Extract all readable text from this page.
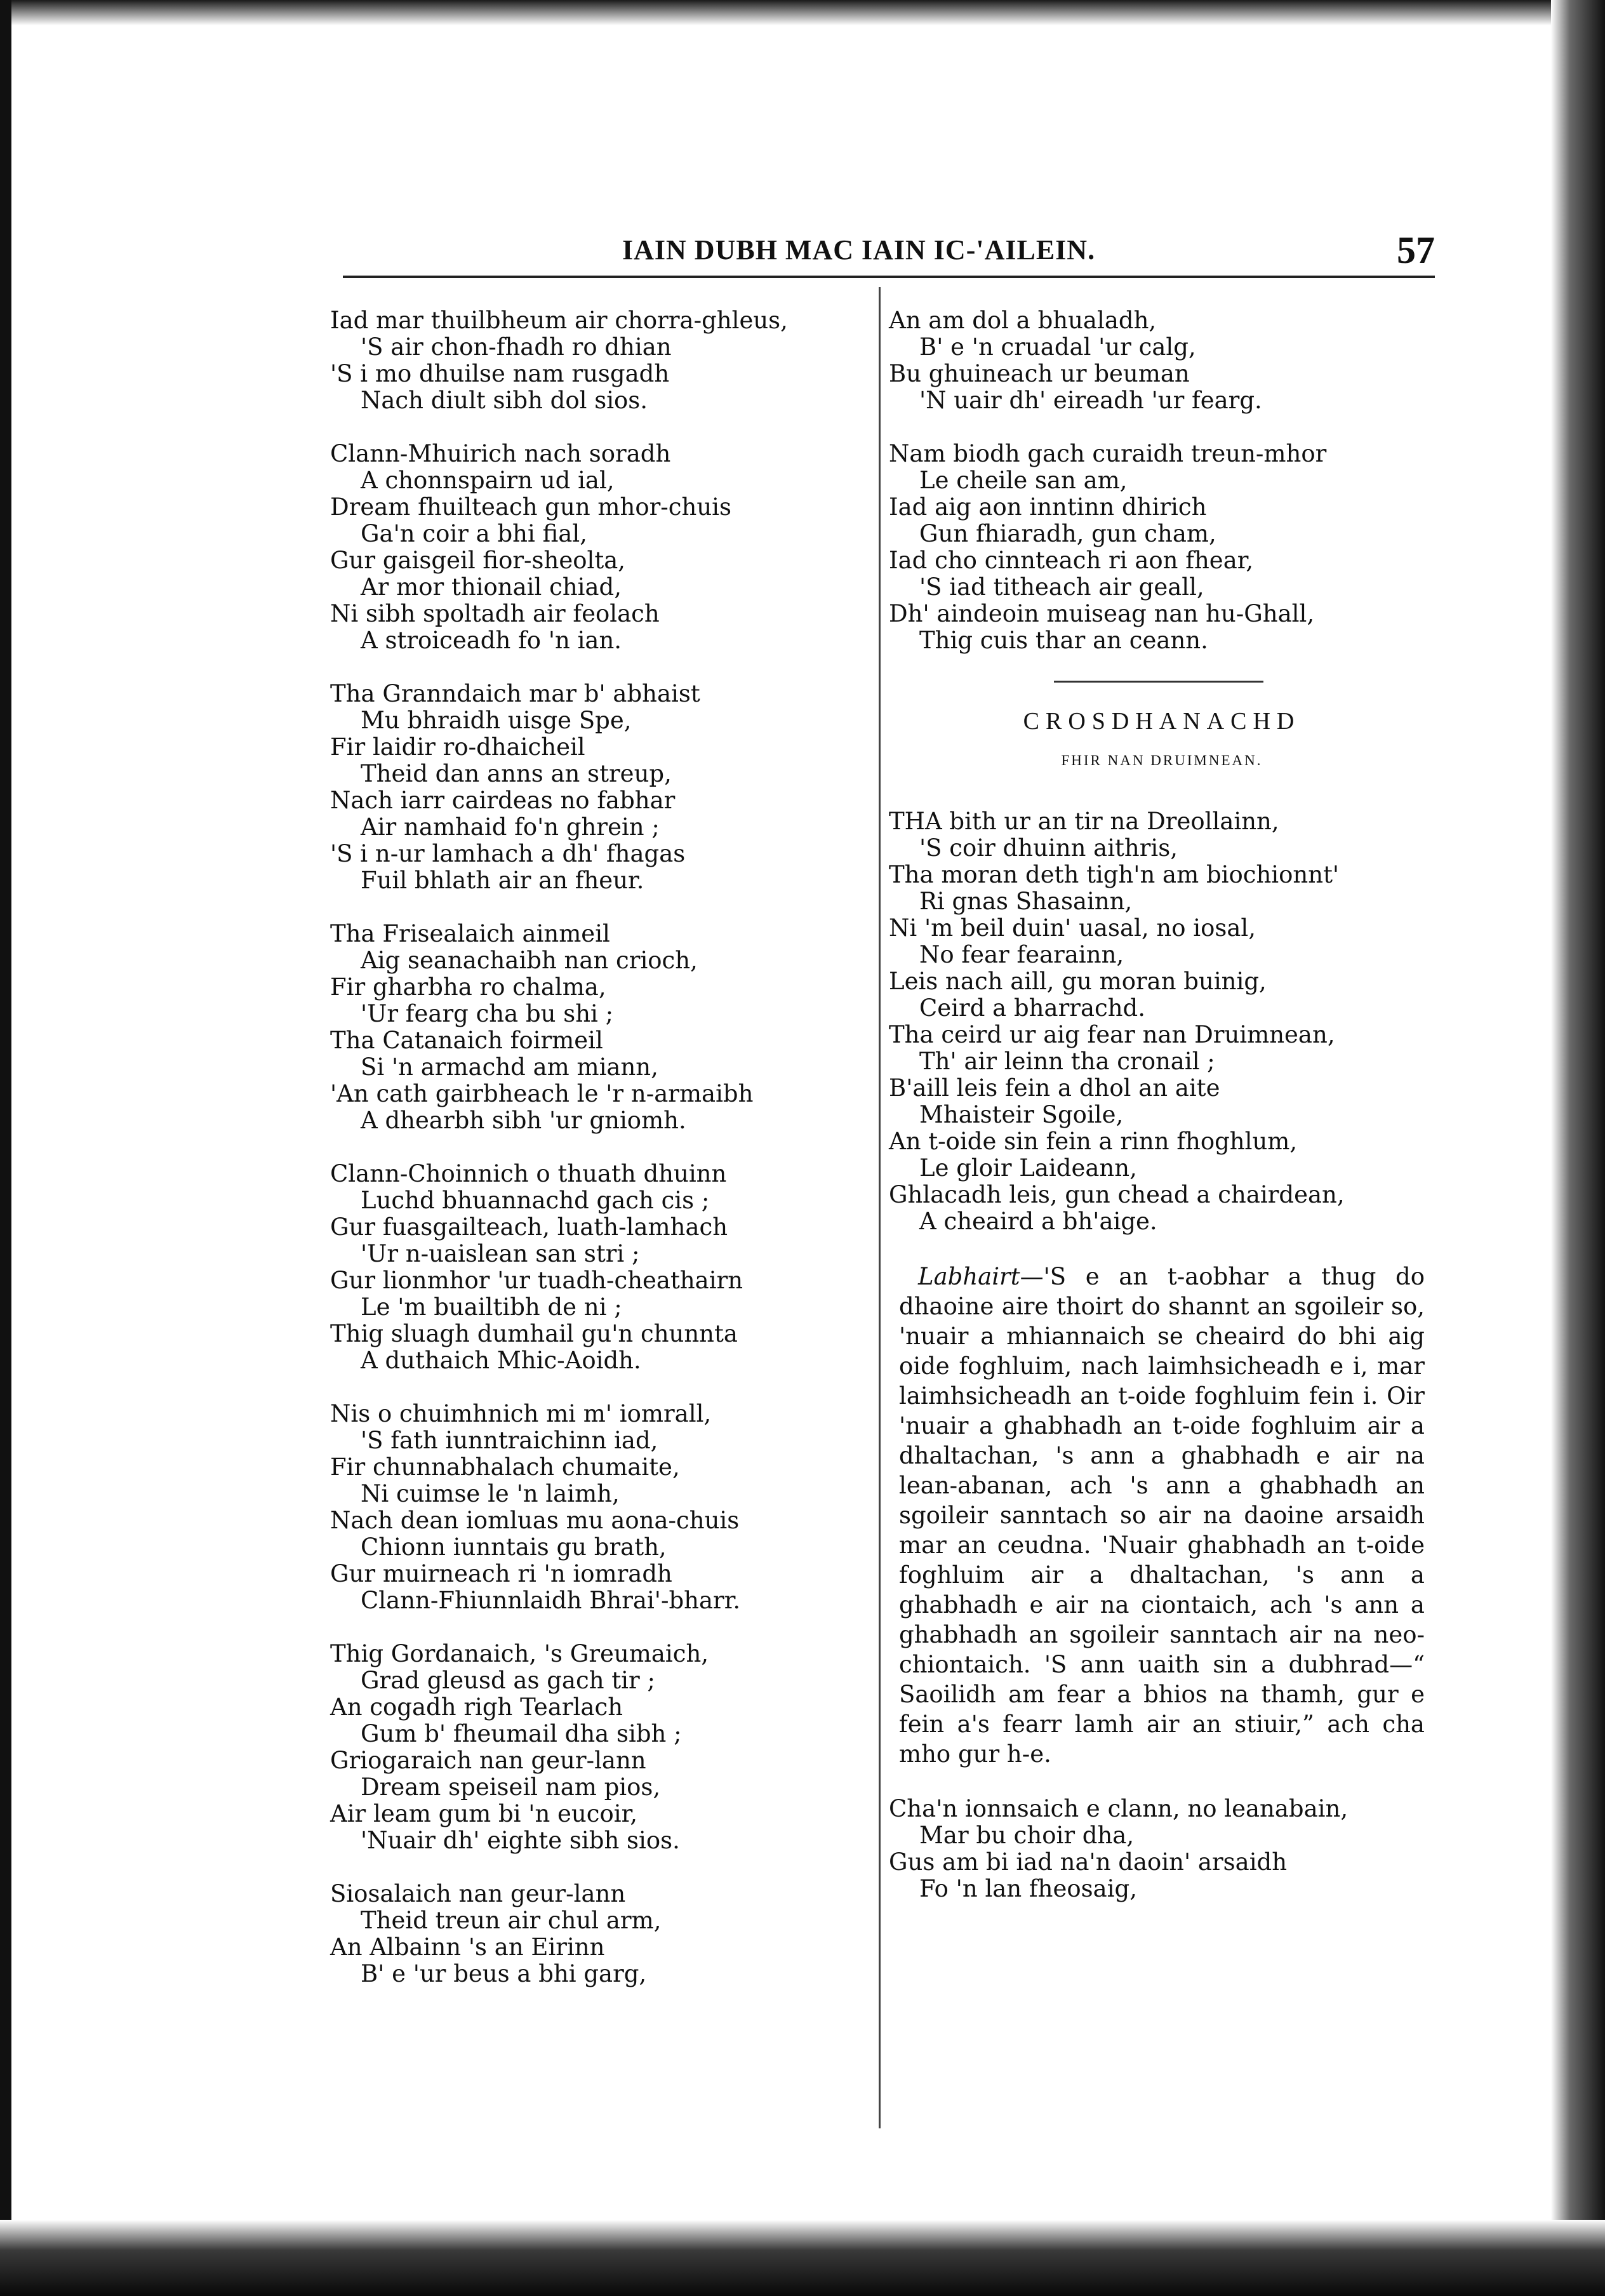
IAIN DUBH MAC IAIN IC-'AILEIN.	57
Iad mar thuilbheum air chorra-ghleus,
'S air chon-fhadh ro dhian
'S i mo dhuilse nam rusgadh
Nach diult sibh dol sios.
Clann-Mhuirich nach soradh
A chonnspairn ud ial,
Dream fhuilteach gun mhor-chuis
Ga'n coir a bhi fial,
Gur gaisgeil fior-sheolta,
Ar mor thionail chiad,
Ni sibh spoltadh air feolach
A stroiceadh fo 'n ian.
Tha Granndaich mar b' abhaist
Mu bhraidh uisge Spe,
Fir laidir ro-dhaicheil
Theid dan anns an streup,
Nach iarr cairdeas no fabhar
Air namhaid fo'n ghrein ;
'S i n-ur lamhach a dh' fhagas
Fuil bhlath air an fheur.
Tha Frisealaich ainmeil
Aig seanachaibh nan crioch,
Fir gharbha ro chalma,
'Ur fearg cha bu shi ;
Tha Catanaich foirmeil
Si 'n armachd am miann,
'An cath gairbheach le 'r n-armaibh
A dhearbh sibh 'ur gniomh.
Clann-Choinnich o thuath dhuinn
Luchd bhuannachd gach cis ;
Gur fuasgailteach, luath-lamhach
'Ur n-uaislean san stri ;
Gur lionmhor 'ur tuadh-cheathairn
Le 'm buailtibh de ni ;
Thig sluagh dumhail gu'n chunnta
A duthaich Mhic-Aoidh.
Nis o chuimhnich mi m' iomrall,
'S fath iunntraichinn iad,
Fir chunnabhalach chumaite,
Ni cuimse le 'n laimh,
Nach dean iomluas mu aona-chuis
Chionn iunntais gu brath,
Gur muirneach ri 'n iomradh
Clann-Fhiunnlaidh Bhrai'-bharr.
Thig Gordanaich, 's Greumaich,
Grad gleusd as gach tir ;
An cogadh righ Tearlach
Gum b' fheumail dha sibh ;
Griogaraich nan geur-lann
Dream speiseil nam pios,
Air leam gum bi 'n eucoir,
'Nuair dh' eighte sibh sios.
Siosalaich nan geur-lann
Theid treun air chul arm,
An Albainn 's an Eirinn
B' e 'ur beus a bhi garg,
An am dol a bhualadh,
B' e 'n cruadal 'ur calg,
Bu ghuineach ur beuman
'N uair dh' eireadh 'ur fearg.
Nam biodh gach curaidh treun-mhor
Le cheile san am,
Iad aig aon inntinn dhirich
Gun fhiaradh, gun cham,
Iad cho cinnteach ri aon fhear,
'S iad titheach air geall,
Dh' aindeoin muiseag nan hu-Ghall,
Thig cuis thar an ceann.
CROSDHANACHD
FHIR NAN DRUIMNEAN.
THA bith ur an tir na Dreollainn,
'S coir dhuinn aithris,
Tha moran deth tigh'n am biochionnt'
Ri gnas Shasainn,
Ni 'm beil duin' uasal, no iosal,
No fear fearainn,
Leis nach aill, gu moran buinig,
Ceird a bharrachd.
Tha ceird ur aig fear nan Druimnean,
Th' air leinn tha cronail ;
B'aill leis fein a dhol an aite
Mhaisteir Sgoile,
An t-oide sin fein a rinn fhoghlum,
Le gloir Laideann,
Ghlacadh leis, gun chead a chairdean,
A cheaird a bh'aige.
Labhairt—'S e an t-aobhar a thug do dhaoine aire thoirt do shannt an sgoileir so, 'nuair a mhiannaich se cheaird do bhi aig oide foghluim, nach laimhsicheadh e i, mar laimhsicheadh an t-oide foghluim fein i. Oir 'nuair a ghabhadh an t-oide foghluim air a dhaltachan, 's ann a ghabhadh e air na lean-abanan, ach 's ann a ghabhadh an sgoileir sanntach so air na daoine arsaidh mar an ceudna. 'Nuair ghabhadh an t-oide foghluim air a dhaltachan, 's ann a ghabhadh e air na ciontaich, ach 's ann a ghabhadh an sgoileir sanntach air na neo-chiontaich. 'S ann uaith sin a dubhrad—“ Saoilidh am fear a bhios na thamh, gur e fein a's fearr lamh air an stiuir,” ach cha mho gur h-e.
Cha'n ionnsaich e clann, no leanabain,
Mar bu choir dha,
Gus am bi iad na'n daoin' arsaidh
Fo 'n lan fheosaig,
